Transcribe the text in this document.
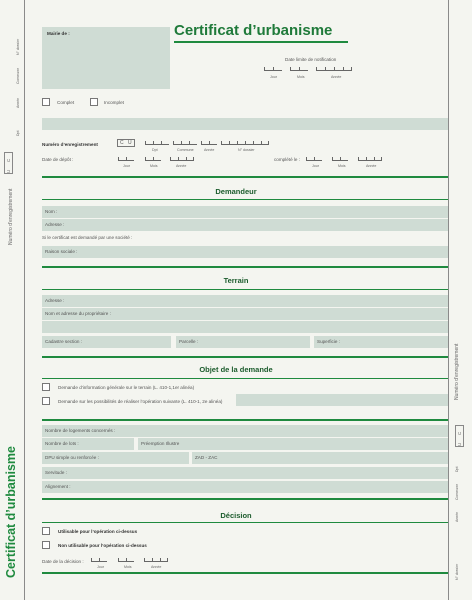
N° dossier
Année
Commune
Dpt
C
U
Numéro d’enregistrement
Certificat d’urbanisme
Numéro d’enregistrement
C
U
Dpt
Commune
Année
N° dossier
Mairie de :	Certificat d’urbanisme
Date limite de notification
Jour	Mois	Année
Complet	Incomplet
Numéro d’enregistrement	C U
Dpt	Commune	Année	N° dossier
Date de dépôt :
Jour	Mois	Année
complété le :
Jour	Mois	Année
Demandeur
Nom :
Adresse :
Si le certificat est demandé par une société :
Raison sociale :
Terrain
Adresse :
Nom et adresse du propriétaire :
Cadastre section :	Parcelle :	Superficie :
Objet de la demande
Demande d’information générale sur le terrain (L. 410-1,1er alinéa)
Demande sur les possibilités de réaliser l’opération suivante (L. 410-1, 2e alinéa)
Nombre de logements concernés :
Nombre de lots :	Préemption Illustre
DPU simple ou renforcée :	ZAD - ZAC
Servitude :
Alignement :
Décision
Utilisable pour l’opération ci-dessus
Non utilisable pour l’opération ci-dessus
Date de la décision :
Jour	Mois	Année
